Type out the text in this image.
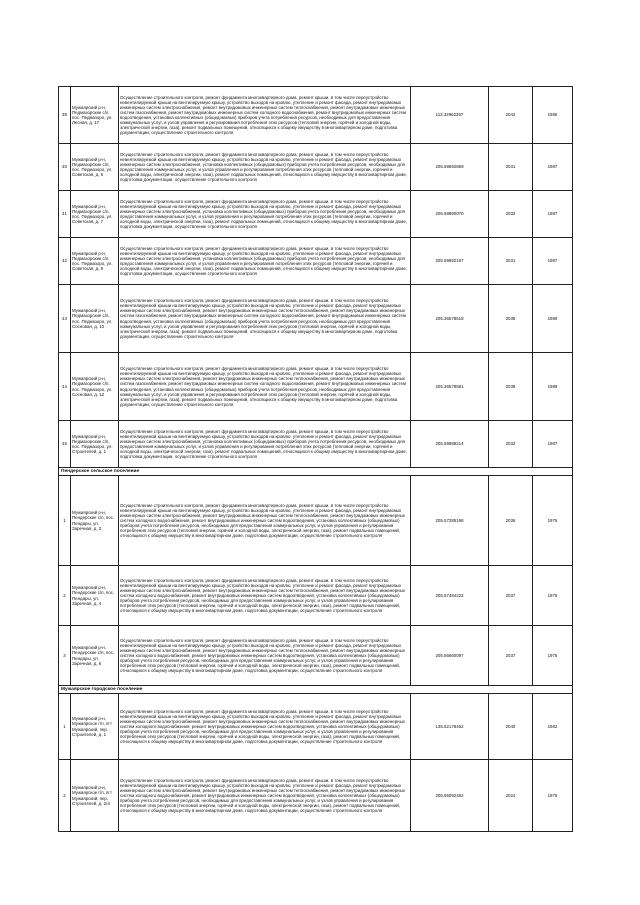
39	Мужаярский р-н, Педмазорские с/п, пос. Педмазоро, ул. Лесная, д. 17	Осуществление строительного контроля, ремонт фундамента многоквартирного дома, ремонт крыши, в том числе переустройство невентилируемой крыши на вентилируемую крышу, устройство выходов на кровлю, утепление и ремонт фасада, ремонт внутридомовых инженерных систем электроснабжения, ремонт внутридомовых инженерных систем теплоснабжения, ремонт внутридомовых инженерных систем газоснабжения, ремонт внутридомовых инженерных систем холодного водоснабжения, ремонт внутридомовых инженерных систем водоотведения, установка коллективных (общедомовых) приборов учета потребления ресурсов, необходимых для предоставления коммунальных услуг, и узлов управления и регулирования потребления этих ресурсов (тепловой энергии, горячей и холодной воды, электрической энергии, газа), ремонт подвальных помещений, относящихся к общему имуществу в многоквартирном доме, подготовка документации, осуществление строительного контроля	113.32962357	2042	1986
40	Мужаярский р-н, Педмазорские с/п, пос. Педмазоро, ул. Советская, д. 5	Осуществление строительного контроля, ремонт фундамента многоквартирного дома, ремонт крыши, в том числе переустройство невентилируемой крыши на вентилируемую крышу, устройство выходов на кровлю, утепление и ремонт фасада, ремонт внутридомовых инженерных систем электроснабжения, установка коллективных (общедомовых) приборов учета потребления ресурсов, необходимых для предоставления коммунальных услуг, и узлов управления и регулирования потребления этих ресурсов (тепловой энергии, горячей и холодной воды, электрической энергии, газа), ремонт подвальных помещений, относящихся к общему имуществу в многоквартирном доме, подготовка документации, осуществление строительного контроля	205.59892869	2031	1987
41	Мужаярский р-н, Педмазорские с/п, пос. Педмазоро, ул. Советская, д. 7	Осуществление строительного контроля, ремонт фундамента многоквартирного дома, ремонт крыши, в том числе переустройство невентилируемой крыши на вентилируемую крышу, устройство выходов на кровлю, утепление и ремонт фасада, ремонт внутридомовых инженерных систем электроснабжения, установка коллективных (общедомовых) приборов учета потребления ресурсов, необходимых для предоставления коммунальных услуг, и узлов управления и регулирования потребления этих ресурсов (тепловой энергии, горячей и холодной воды, электрической энергии, газа), ремонт подвальных помещений, относящихся к общему имуществу в многоквартирном доме, подготовка документации, осуществление строительного контроля	205.59890070	2032	1987
42	Мужаярский р-н, Педмазорские с/п, пос. Педмазоро, ул. Советская, д. 9	Осуществление строительного контроля, ремонт фундамента многоквартирного дома, ремонт крыши, в том числе переустройство невентилируемой крыши на вентилируемую крышу, устройство выходов на кровлю, утепление и ремонт фасада, ремонт внутридомовых инженерных систем электроснабжения, установка коллективных (общедомовых) приборов учета потребления ресурсов, необходимых для предоставления коммунальных услуг, и узлов управления и регулирования потребления этих ресурсов (тепловой энергии, горячей и холодной воды, электрической энергии, газа), ремонт подвальных помещений, относящихся к общему имуществу в многоквартирном доме, подготовка документации, осуществление строительного контроля	205.59892197	2031	1987
43	Мужаярский р-н, Педмазорские с/п, пос. Педмазоро, ул. Сосновая, д. 10	Осуществление строительного контроля, ремонт фундамента многоквартирного дома, ремонт крыши, в том числе переустройство невентилируемой крыши на вентилируемую крышу, устройство выходов на кровлю, утепление и ремонт фасада, ремонт внутридомовых инженерных систем электроснабжения, ремонт внутридомовых инженерных систем теплоснабжения, ремонт внутридомовых инженерных систем газоснабжения, ремонт внутридомовых инженерных систем холодного водоснабжения, ремонт внутридомовых инженерных систем водоотведения, установка коллективных (общедомовых) приборов учета потребления ресурсов, необходимых для предоставления коммунальных услуг, и узлов управления и регулирования потребления этих ресурсов (тепловой энергии, горячей и холодной воды, электрической энергии, газа), ремонт подвальных помещений, относящихся к общему имуществу в многоквартирном доме, подготовка документации, осуществление строительного контроля	205.36578518	2038	1989
44	Мужаярский р-н, Педмазорские с/п, пос. Педмазоро, ул. Сосновая, д. 12	Осуществление строительного контроля, ремонт фундамента многоквартирного дома, ремонт крыши, в том числе переустройство невентилируемой крыши на вентилируемую крышу, устройство выходов на кровлю, утепление и ремонт фасада, ремонт внутридомовых инженерных систем электроснабжения, ремонт внутридомовых инженерных систем теплоснабжения, ремонт внутридомовых инженерных систем газоснабжения, ремонт внутридомовых инженерных систем холодного водоснабжения, ремонт внутридомовых инженерных систем водоотведения, установка коллективных (общедомовых) приборов учета потребления ресурсов, необходимых для предоставления коммунальных услуг, и узлов управления и регулирования потребления этих ресурсов (тепловой энергии, горячей и холодной воды, электрической энергии, газа), ремонт подвальных помещений, относящихся к общему имуществу в многоквартирном доме, подготовка документации, осуществление строительного контроля	205.36578581	2039	1989
45	Мужаярский р-н, Педмазорские с/п, пос. Педмазоро, ул. Строителей, д. 1	Осуществление строительного контроля, ремонт фундамента многоквартирного дома, ремонт крыши, в том числе переустройство невентилируемой крыши на вентилируемую крышу, устройство выходов на кровлю, утепление и ремонт фасада, ремонт внутридомовых инженерных систем электроснабжения, установка коллективных (общедомовых) приборов учета потребления ресурсов, необходимых для предоставления коммунальных услуг, и узлов управления и регулирования потребления этих ресурсов (тепловой энергии, горячей и холодной воды, электрической энергии, газа), ремонт подвальных помещений, относящихся к общему имуществу в многоквартирном доме, подготовка документации, осуществление строительного контроля	205.59889214	2032	1987
Пендерское сельское поселение					
1	Мужаярский р-н, Пендерские с/п, пос. Пендары, ул. Заречная, д. 2	Осуществление строительного контроля, ремонт фундамента многоквартирного дома, ремонт крыши, в том числе переустройство невентилируемой крыши на вентилируемую крышу, устройство выходов на кровлю, утепление и ремонт фасада, ремонт внутридомовых инженерных систем электроснабжения, ремонт внутридомовых инженерных систем теплоснабжения, ремонт внутридомовых инженерных систем холодного водоснабжения, ремонт внутридомовых инженерных систем водоотведения, установка коллективных (общедомовых) приборов учета потребления ресурсов, необходимых для предоставления коммунальных услуг, и узлов управления и регулирования потребления этих ресурсов (тепловой энергии, горячей и холодной воды, электрической энергии, газа), ремонт подвальных помещений, относящихся к общему имуществу в многоквартирном доме, подготовка документации, осуществление строительного контроля	205.57285198	2036	1976
2	Мужаярский р-н, Пендерские с/п, пос. Пендары, ул. Заречная, д. 4	Осуществление строительного контроля, ремонт фундамента многоквартирного дома, ремонт крыши, в том числе переустройство невентилируемой крыши на вентилируемую крышу, устройство выходов на кровлю, утепление и ремонт фасада, ремонт внутридомовых инженерных систем электроснабжения, ремонт внутридомовых инженерных систем теплоснабжения, ремонт внутридомовых инженерных систем холодного водоснабжения, ремонт внутридомовых инженерных систем водоотведения, установка коллективных (общедомовых) приборов учета потребления ресурсов, необходимых для предоставления коммунальных услуг, и узлов управления и регулирования потребления этих ресурсов (тепловой энергии, горячей и холодной воды, электрической энергии, газа), ремонт подвальных помещений, относящихся к общему имуществу в многоквартирном доме, подготовка документации, осуществление строительного контроля	205.57484222	2037	1976
3	Мужаярский р-н, Пендерские с/п, пос. Пендары, ул. Заречная, д. 6	Осуществление строительного контроля, ремонт фундамента многоквартирного дома, ремонт крыши, в том числе переустройство невентилируемой крыши на вентилируемую крышу, устройство выходов на кровлю, утепление и ремонт фасада, ремонт внутридомовых инженерных систем электроснабжения, ремонт внутридомовых инженерных систем теплоснабжения, ремонт внутридомовых инженерных систем холодного водоснабжения, ремонт внутридомовых инженерных систем водоотведения, установка коллективных (общедомовых) приборов учета потребления ресурсов, необходимых для предоставления коммунальных услуг, и узлов управления и регулирования потребления этих ресурсов (тепловой энергии, горячей и холодной воды, электрической энергии, газа), ремонт подвальных помещений, относящихся к общему имуществу в многоквартирном доме, подготовка документации, осуществление строительного контроля	205.56660097	2037	1976
Мужаярское городское поселение					
1	Мужаярский р-н, Мужаярское г/п, пгт Мужаярский, пер. Строителей, д. 1	Осуществление строительного контроля, ремонт фундамента многоквартирного дома, ремонт крыши, в том числе переустройство невентилируемой крыши на вентилируемую крышу, устройство выходов на кровлю, утепление и ремонт фасада, ремонт внутридомовых инженерных систем электроснабжения, ремонт внутридомовых инженерных систем теплоснабжения, ремонт внутридомовых инженерных систем холодного водоснабжения, ремонт внутридомовых инженерных систем водоотведения, установка коллективных (общедомовых) приборов учета потребления ресурсов, необходимых для предоставления коммунальных услуг, и узлов управления и регулирования потребления этих ресурсов (тепловой энергии, горячей и холодной воды, электрической энергии, газа), ремонт подвальных помещений, относящихся к общему имуществу в многоквартирном доме, подготовка документации, осуществление строительного контроля	135.52178462	2040	1982
2	Мужаярский р-н, Мужаярское г/п, пгт Мужаярский, пер. Строителей, д. 2/4	Осуществление строительного контроля, ремонт фундамента многоквартирного дома, ремонт крыши, в том числе переустройство невентилируемой крыши на вентилируемую крышу, устройство выходов на кровлю, утепление и ремонт фасада, ремонт внутридомовых инженерных систем электроснабжения, ремонт внутридомовых инженерных систем теплоснабжения, ремонт внутридомовых инженерных систем холодного водоснабжения, ремонт внутридомовых инженерных систем водоотведения, установка коллективных (общедомовых) приборов учета потребления ресурсов, необходимых для предоставления коммунальных услуг, и узлов управления и регулирования потребления этих ресурсов (тепловой энергии, горячей и холодной воды, электрической энергии, газа), ремонт подвальных помещений, относящихся к общему имуществу в многоквартирном доме, подготовка документации, осуществление строительного контроля	205.95092482	2024	1976
